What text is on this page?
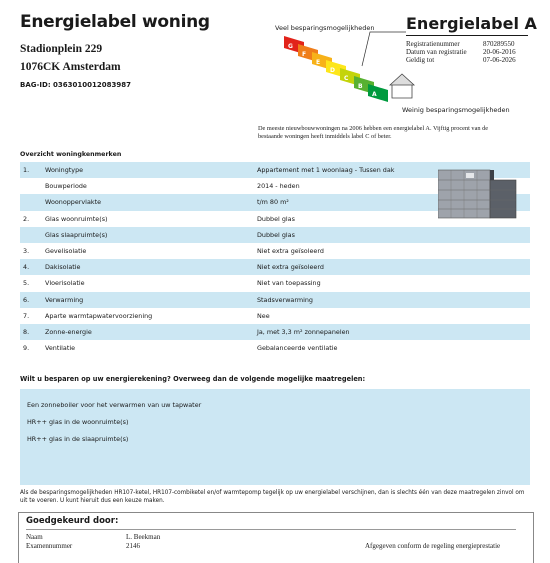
Energielabel woning
Stadionplein 229
1076CK Amsterdam
BAG-ID: 0363010012083987
Veel besparingsmogelijkheden
G
F
E
D
C
B
A
Weinig besparingsmogelijkheden
Energielabel A
Registratienummer	870289550
Datum van registratie 20-06-2016
Geldig tot	07-06-2026
De meeste nieuwbouwwoningen na 2006 hebben een energielabel A. Vijftig procent van de bestaande woningen heeft inmiddels label C of beter.
Overzicht woningkenmerken
1. Woningtype	Appartement met 1 woonlaag - Tussen dak
Bouwperiode	2014 - heden
Woonoppervlakte	t/m 80 m²
2. Glas woonruimte(s)	Dubbel glas
Glas slaapruimte(s)	Dubbel glas
3. Gevelisolatie	Niet extra geïsoleerd
4. Dakisolatie	Niet extra geïsoleerd
5. Vloerisolatie	Niet van toepassing
6. Verwarming	Stadsverwarming
7. Aparte warmtapwatervoorziening	Nee
8. Zonne-energie	Ja, met 3,3 m² zonnepanelen
9. Ventilatie	Gebalanceerde ventilatie
Wilt u besparen op uw energierekening? Overweeg dan de volgende mogelijke maatregelen:
Een zonneboiler voor het verwarmen van uw tapwater
HR++ glas in de woonruimte(s)
HR++ glas in de slaapruimte(s)
Als de besparingsmogelijkheden HR107-ketel, HR107-combiketel en/of warmtepomp tegelijk op uw energielabel verschijnen, dan is slechts één van deze maatregelen zinvol om uit te voeren. U kunt hieruit dus een keuze maken.
Goedgekeurd door:
Naam	L. Beekman
Examennummer	2146	Afgegeven conform de regeling energieprestatie
